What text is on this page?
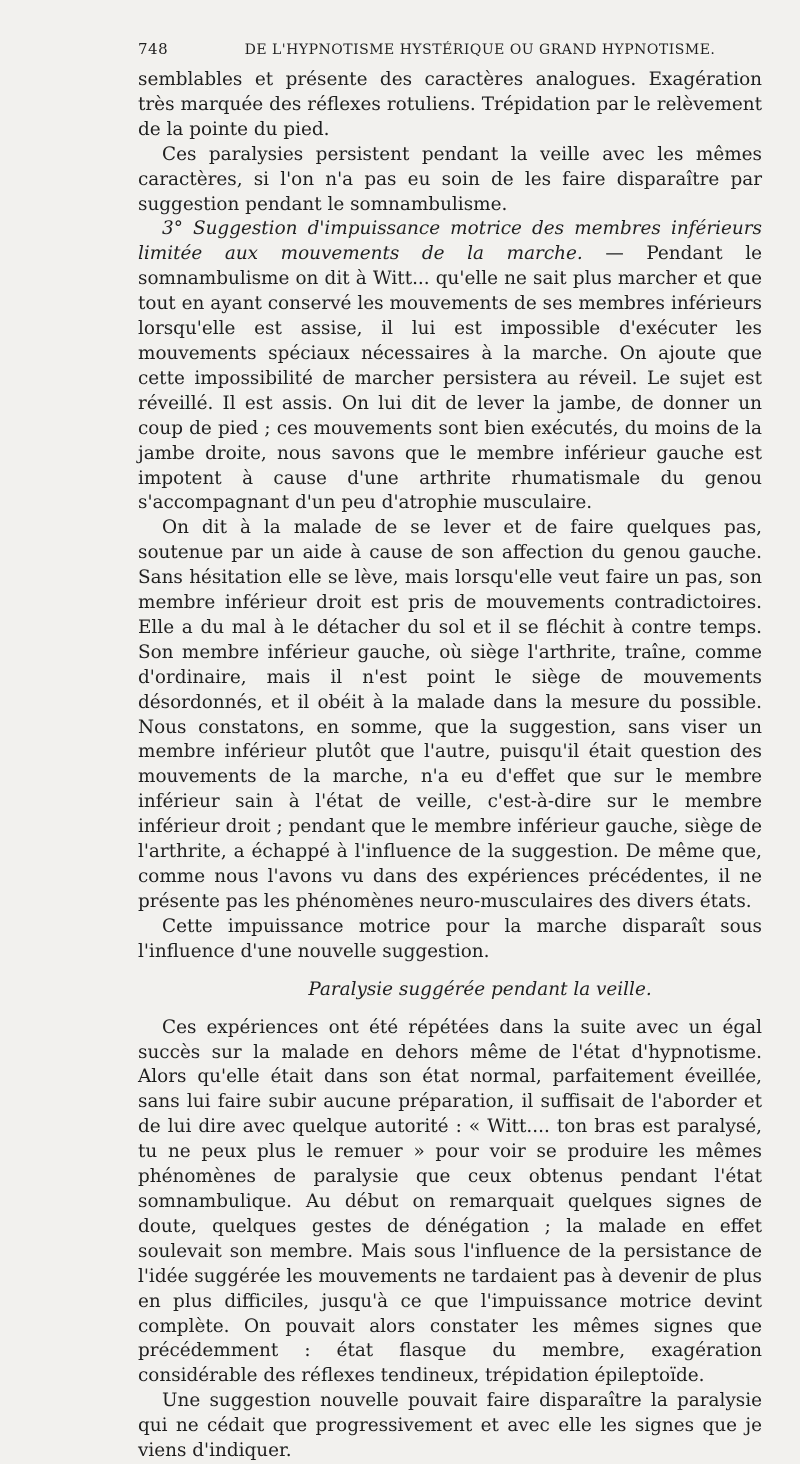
748	DE L'HYPNOTISME HYSTÉRIQUE OU GRAND HYPNOTISME.

semblables et présente des caractères analogues. Exagération très marquée des réflexes rotuliens. Trépidation par le relèvement de la pointe du pied.

Ces paralysies persistent pendant la veille avec les mêmes caractères, si l'on n'a pas eu soin de les faire disparaître par suggestion pendant le somnambulisme.

3° Suggestion d'impuissance motrice des membres inférieurs limitée aux mouvements de la marche. — Pendant le somnambulisme on dit à Witt... qu'elle ne sait plus marcher et que tout en ayant conservé les mouvements de ses membres inférieurs lorsqu'elle est assise, il lui est impossible d'exécuter les mouvements spéciaux nécessaires à la marche. On ajoute que cette impossibilité de marcher persistera au réveil. Le sujet est réveillé. Il est assis. On lui dit de lever la jambe, de donner un coup de pied ; ces mouvements sont bien exécutés, du moins de la jambe droite, nous savons que le membre inférieur gauche est impotent à cause d'une arthrite rhumatismale du genou s'accompagnant d'un peu d'atrophie musculaire.

On dit à la malade de se lever et de faire quelques pas, soutenue par un aide à cause de son affection du genou gauche. Sans hésitation elle se lève, mais lorsqu'elle veut faire un pas, son membre inférieur droit est pris de mouvements contradictoires. Elle a du mal à le détacher du sol et il se fléchit à contre temps. Son membre inférieur gauche, où siège l'arthrite, traîne, comme d'ordinaire, mais il n'est point le siège de mouvements désordonnés, et il obéit à la malade dans la mesure du possible. Nous constatons, en somme, que la suggestion, sans viser un membre inférieur plutôt que l'autre, puisqu'il était question des mouvements de la marche, n'a eu d'effet que sur le membre inférieur sain à l'état de veille, c'est-à-dire sur le membre inférieur droit ; pendant que le membre inférieur gauche, siège de l'arthrite, a échappé à l'influence de la suggestion. De même que, comme nous l'avons vu dans des expériences précédentes, il ne présente pas les phénomènes neuro-musculaires des divers états.

Cette impuissance motrice pour la marche disparaît sous l'influence d'une nouvelle suggestion.

Paralysie suggérée pendant la veille.

Ces expériences ont été répétées dans la suite avec un égal succès sur la malade en dehors même de l'état d'hypnotisme. Alors qu'elle était dans son état normal, parfaitement éveillée, sans lui faire subir aucune préparation, il suffisait de l'aborder et de lui dire avec quelque autorité : « Witt.... ton bras est paralysé, tu ne peux plus le remuer » pour voir se produire les mêmes phénomènes de paralysie que ceux obtenus pendant l'état somnambulique. Au début on remarquait quelques signes de doute, quelques gestes de dénégation ; la malade en effet soulevait son membre. Mais sous l'influence de la persistance de l'idée suggérée les mouvements ne tardaient pas à devenir de plus en plus difficiles, jusqu'à ce que l'impuissance motrice devint complète. On pouvait alors constater les mêmes signes que précédemment : état flasque du membre, exagération considérable des réflexes tendineux, trépidation épileptoïde.

Une suggestion nouvelle pouvait faire disparaître la paralysie qui ne cédait que progressivement et avec elle les signes que je viens d'indiquer.
